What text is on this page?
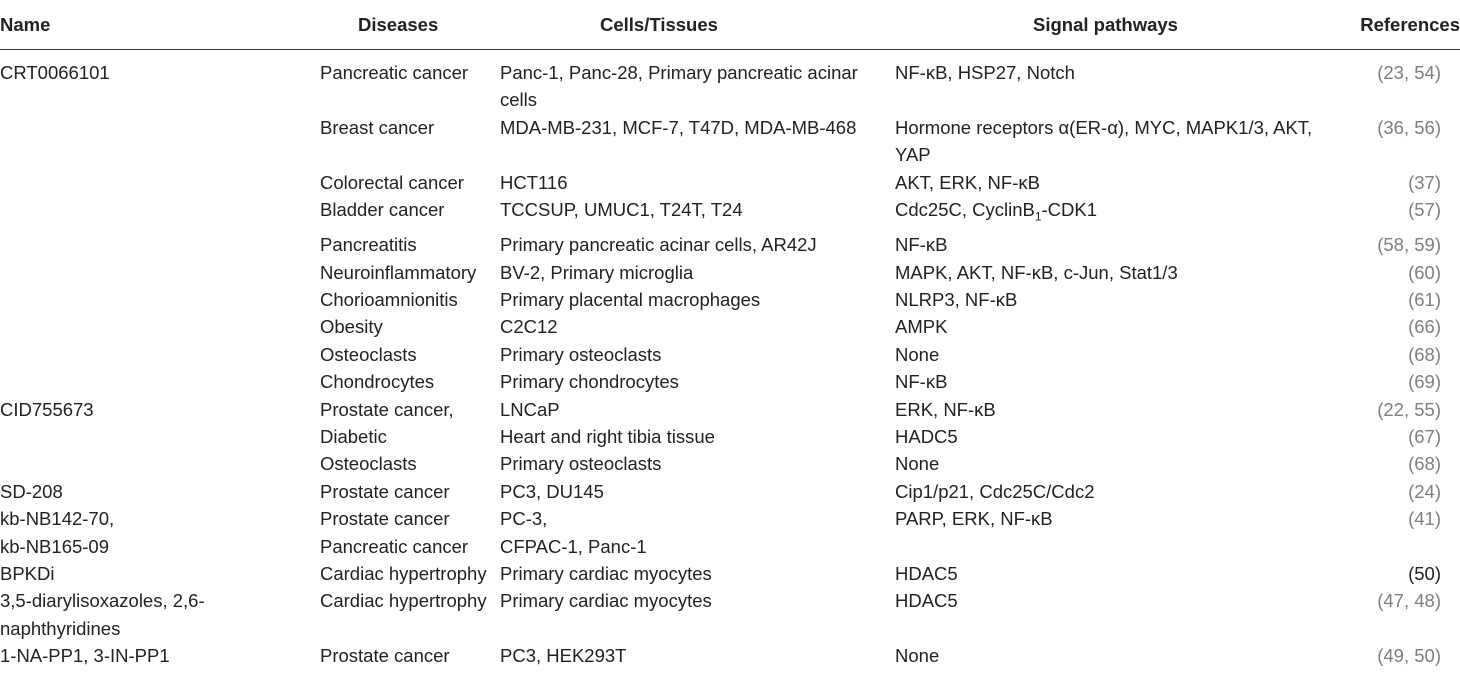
Name	Diseases	Cells/Tissues	Signal pathways	References
CRT0066101	Pancreatic cancer	Panc-1, Panc-28, Primary pancreatic acinar cells	NF-κB, HSP27, Notch	(23, 54)
	Breast cancer	MDA-MB-231, MCF-7, T47D, MDA-MB-468	Hormone receptors α(ER-α), MYC, MAPK1/3, AKT, YAP	(36, 56)
	Colorectal cancer	HCT116	AKT, ERK, NF-κB	(37)
	Bladder cancer	TCCSUP, UMUC1, T24T, T24	Cdc25C, CyclinB$_1$-CDK1	(57)
	Pancreatitis	Primary pancreatic acinar cells, AR42J	NF-κB	(58, 59)
	Neuroinflammatory	BV-2, Primary microglia	MAPK, AKT, NF-κB, c-Jun, Stat1/3	(60)
	Chorioamnionitis	Primary placental macrophages	NLRP3, NF-κB	(61)
	Obesity	C2C12	AMPK	(66)
	Osteoclasts	Primary osteoclasts	None	(68)
	Chondrocytes	Primary chondrocytes	NF-κB	(69)
CID755673	Prostate cancer,	LNCaP	ERK, NF-κB	(22, 55)
	Diabetic	Heart and right tibia tissue	HADC5	(67)
	Osteoclasts	Primary osteoclasts	None	(68)
SD-208	Prostate cancer	PC3, DU145	Cip1/p21, Cdc25C/Cdc2	(24)
kb-NB142-70,	Prostate cancer	PC-3,	PARP, ERK, NF-κB	(41)
kb-NB165-09	Pancreatic cancer	CFPAC-1, Panc-1		
BPKDi	Cardiac hypertrophy	Primary cardiac myocytes	HDAC5	(50)
3,5-diarylisoxazoles, 2,6-naphthyridines	Cardiac hypertrophy	Primary cardiac myocytes	HDAC5	(47, 48)
1-NA-PP1, 3-IN-PP1	Prostate cancer	PC3, HEK293T	None	(49, 50)
